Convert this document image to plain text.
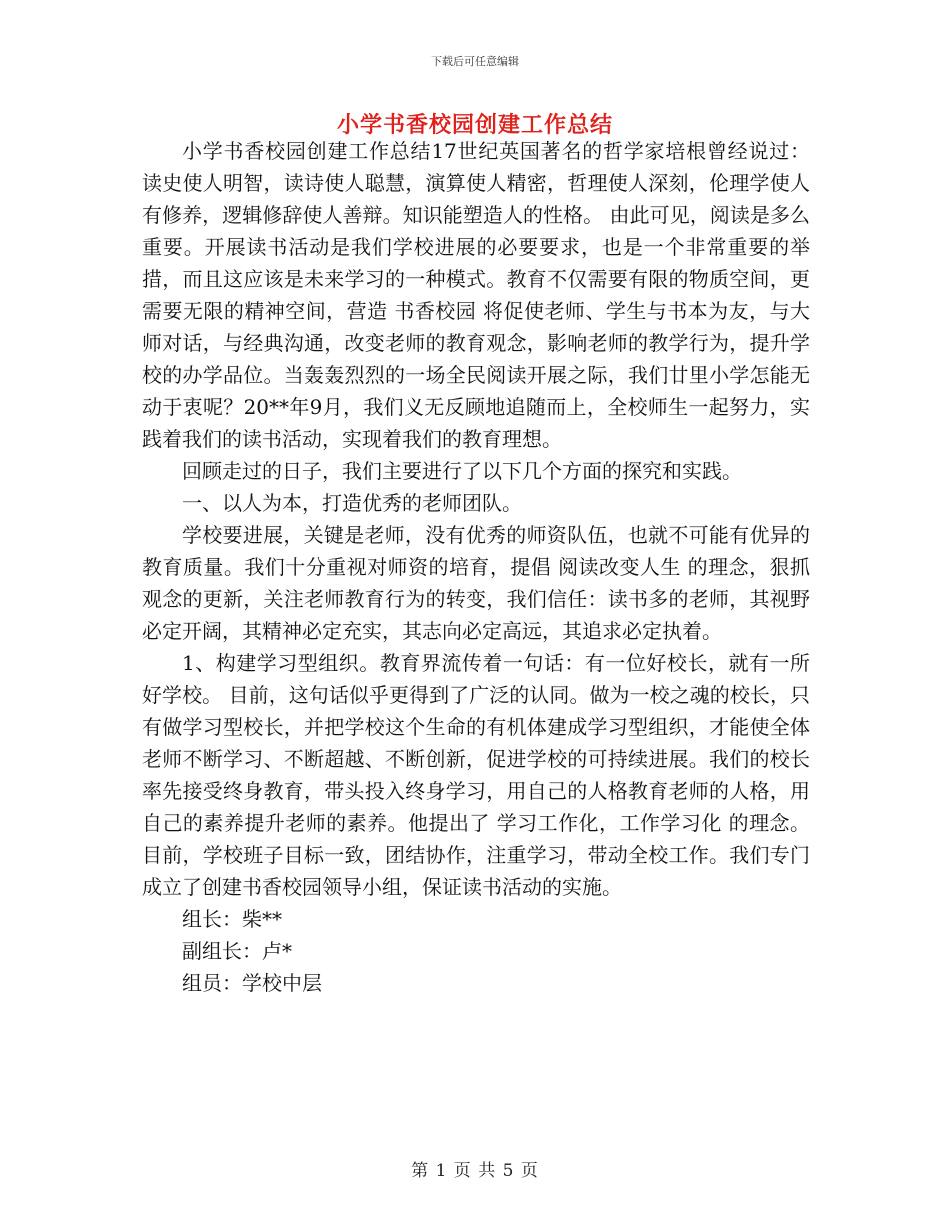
下载后可任意编辑
小学书香校园创建工作总结

小学书香校园创建工作总结17世纪英国著名的哲学家培根曾经说过： 读史使人明智，读诗使人聪慧，演算使人精密，哲理使人深刻，伦理学使人有修养，逻辑修辞使人善辩。知识能塑造人的性格。 由此可见，阅读是多么重要。开展读书活动是我们学校进展的必要要求，也是一个非常重要的举措，而且这应该是未来学习的一种模式。教育不仅需要有限的物质空间，更需要无限的精神空间，营造 书香校园 将促使老师、学生与书本为友，与大师对话，与经典沟通，改变老师的教育观念，影响老师的教学行为，提升学校的办学品位。当轰轰烈烈的一场全民阅读开展之际，我们廿里小学怎能无动于衷呢？20**年9月，我们义无反顾地追随而上，全校师生一起努力，实践着我们的读书活动，实现着我们的教育理想。

回顾走过的日子，我们主要进行了以下几个方面的探究和实践。

一、以人为本，打造优秀的老师团队。

学校要进展，关键是老师，没有优秀的师资队伍，也就不可能有优异的教育质量。我们十分重视对师资的培育，提倡 阅读改变人生 的理念，狠抓观念的更新，关注老师教育行为的转变，我们信任：读书多的老师，其视野必定开阔，其精神必定充实，其志向必定高远，其追求必定执着。

1、构建学习型组织。教育界流传着一句话：有一位好校长，就有一所好学校。 目前，这句话似乎更得到了广泛的认同。做为一校之魂的校长，只有做学习型校长，并把学校这个生命的有机体建成学习型组织，才能使全体老师不断学习、不断超越、不断创新，促进学校的可持续进展。我们的校长率先接受终身教育，带头投入终身学习，用自己的人格教育老师的人格，用自己的素养提升老师的素养。他提出了 学习工作化，工作学习化 的理念。目前，学校班子目标一致，团结协作，注重学习，带动全校工作。我们专门成立了创建书香校园领导小组，保证读书活动的实施。

组长：柴**

副组长：卢*

组员：学校中层

第 1 页 共 5 页
